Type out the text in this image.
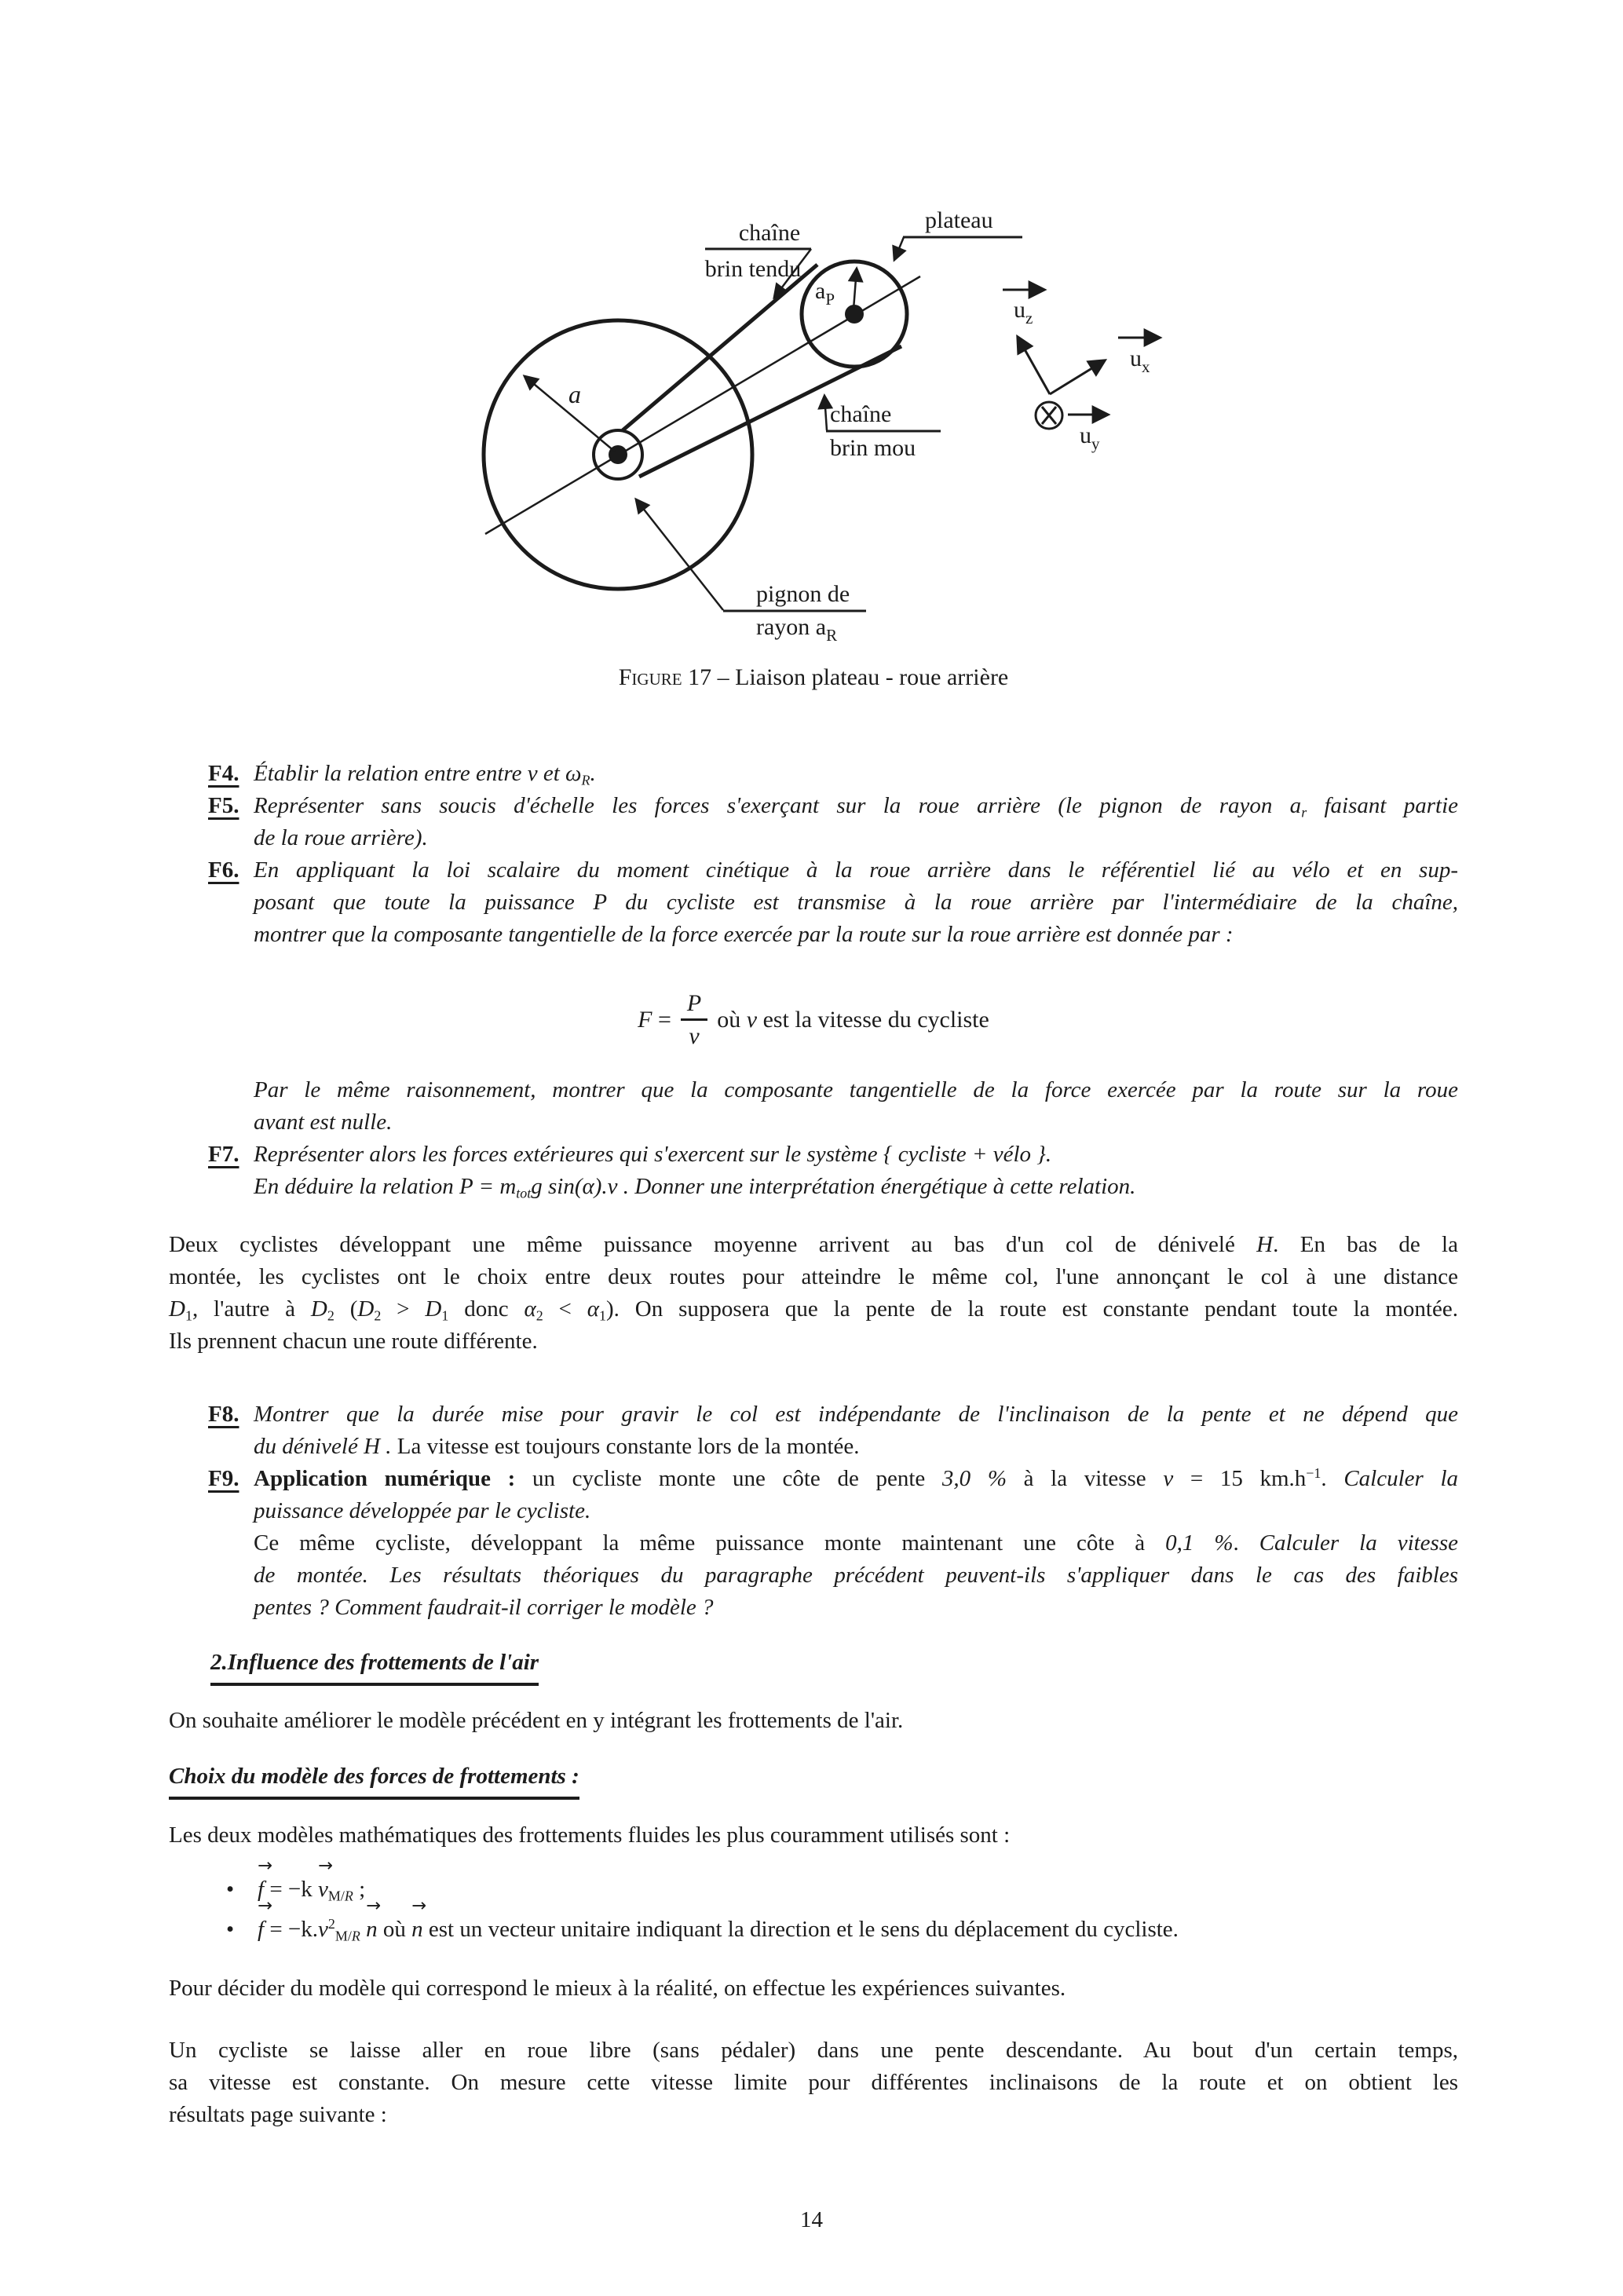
a
$a_P$
chaîne
brin tendu
plateau
chaîne
brin mou
pignon de
rayon $a_R$
$u_z$
$u_x$
$u_y$
Figure 17 – Liaison plateau - roue arrière
F4. Établir la relation entre entre v et $\omega_R$.
F5. Représenter sans soucis d'échelle les forces s'exerçant sur la roue arrière (le pignon de rayon $a_r$ faisant partie
de la roue arrière).
F6. En appliquant la loi scalaire du moment cinétique à la roue arrière dans le référentiel lié au vélo et en sup-
posant que toute la puissance P du cycliste est transmise à la roue arrière par l'intermédiaire de la chaîne,
montrer que la composante tangentielle de la force exercée par la route sur la roue arrière est donnée par :
$F = \frac{P}{v}$ où v est la vitesse du cycliste
Par le même raisonnement, montrer que la composante tangentielle de la force exercée par la route sur la roue
avant est nulle.
F7. Représenter alors les forces extérieures qui s'exercent sur le système { cycliste + vélo }.
En déduire la relation $P = m_{tot}g$ sin(α).v . Donner une interprétation énergétique à cette relation.
Deux cyclistes développant une même puissance moyenne arrivent au bas d'un col de dénivelé H. En bas de la
montée, les cyclistes ont le choix entre deux routes pour atteindre le même col, l'une annonçant le col à une distance
$D_1$, l'autre à $D_2$ ($D_2 > D_1$ donc $\alpha_2 < \alpha_1$). On supposera que la pente de la route est constante pendant toute la montée.
Ils prennent chacun une route différente.
F8. Montrer que la durée mise pour gravir le col est indépendante de l'inclinaison de la pente et ne dépend que
du dénivelé H . La vitesse est toujours constante lors de la montée.
F9. Application numérique : un cycliste monte une côte de pente 3,0 % à la vitesse v = 15 $km.h^{-1}$. Calculer la
puissance développée par le cycliste.
Ce même cycliste, développant la même puissance monte maintenant une côte à 0,1 %. Calculer la vitesse
de montée. Les résultats théoriques du paragraphe précédent peuvent-ils s'appliquer dans le cas des faibles
pentes ? Comment faudrait-il corriger le modèle ?
2.Influence des frottements de l'air
On souhaite améliorer le modèle précédent en y intégrant les frottements de l'air.
Choix du modèle des forces de frottements :
Les deux modèles mathématiques des frottements fluides les plus couramment utilisés sont :
• f → = −k $v \to_{M/R}$ ;
• f → = $-k.v^2_{M/R}$ n → où n → est un vecteur unitaire indiquant la direction et le sens du déplacement du cycliste.
Pour décider du modèle qui correspond le mieux à la réalité, on effectue les expériences suivantes.
Un cycliste se laisse aller en roue libre (sans pédaler) dans une pente descendante. Au bout d'un certain temps,
sa vitesse est constante. On mesure cette vitesse limite pour différentes inclinaisons de la route et on obtient les
résultats page suivante :
14
